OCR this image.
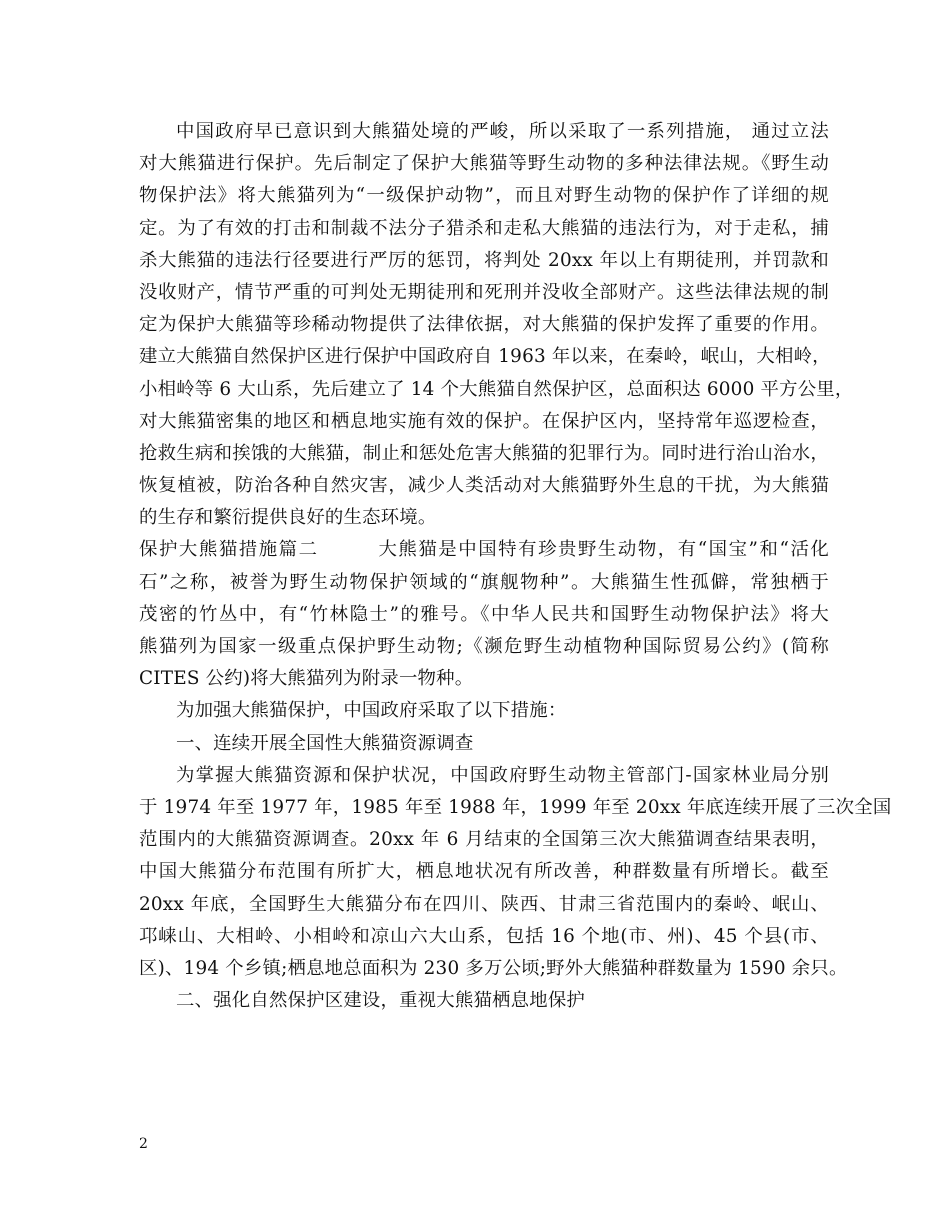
中国政府早已意识到大熊猫处境的严峻，所以采取了一系列措施， 通过立法
对大熊猫进行保护。先后制定了保护大熊猫等野生动物的多种法律法规。《野生动
物保护法》将大熊猫列为“一级保护动物”，而且对野生动物的保护作了详细的规
定。为了有效的打击和制裁不法分子猎杀和走私大熊猫的违法行为，对于走私，捕
杀大熊猫的违法行径要进行严厉的惩罚，将判处 20xx 年以上有期徒刑，并罚款和
没收财产，情节严重的可判处无期徒刑和死刑并没收全部财产。这些法律法规的制
定为保护大熊猫等珍稀动物提供了法律依据，对大熊猫的保护发挥了重要的作用。
建立大熊猫自然保护区进行保护中国政府自 1963 年以来，在秦岭，岷山，大相岭，
小相岭等 6 大山系，先后建立了 14 个大熊猫自然保护区，总面积达 6000 平方公里，
对大熊猫密集的地区和栖息地实施有效的保护。在保护区内，坚持常年巡逻检查，
抢救生病和挨饿的大熊猫，制止和惩处危害大熊猫的犯罪行为。同时进行治山治水，
恢复植被，防治各种自然灾害，减少人类活动对大熊猫野外生息的干扰，为大熊猫
的生存和繁衍提供良好的生态环境。
保护大熊猫措施篇二　　　大熊猫是中国特有珍贵野生动物，有“国宝”和“活化
石”之称，被誉为野生动物保护领域的“旗舰物种”。大熊猫生性孤僻，常独栖于
茂密的竹丛中，有“竹林隐士”的雅号。《中华人民共和国野生动物保护法》将大
熊猫列为国家一级重点保护野生动物;《濒危野生动植物种国际贸易公约》(简称
CITES 公约)将大熊猫列为附录一物种。
为加强大熊猫保护，中国政府采取了以下措施：
一、连续开展全国性大熊猫资源调查
为掌握大熊猫资源和保护状况，中国政府野生动物主管部门-国家林业局分别
于 1974 年至 1977 年，1985 年至 1988 年，1999 年至 20xx 年底连续开展了三次全国
范围内的大熊猫资源调查。20xx 年 6 月结束的全国第三次大熊猫调查结果表明，
中国大熊猫分布范围有所扩大，栖息地状况有所改善，种群数量有所增长。截至
20xx 年底，全国野生大熊猫分布在四川、陕西、甘肃三省范围内的秦岭、岷山、
邛崃山、大相岭、小相岭和凉山六大山系，包括 16 个地(市、州)、45 个县(市、
区)、194 个乡镇;栖息地总面积为 230 多万公顷;野外大熊猫种群数量为 1590 余只。
二、强化自然保护区建设，重视大熊猫栖息地保护
2
